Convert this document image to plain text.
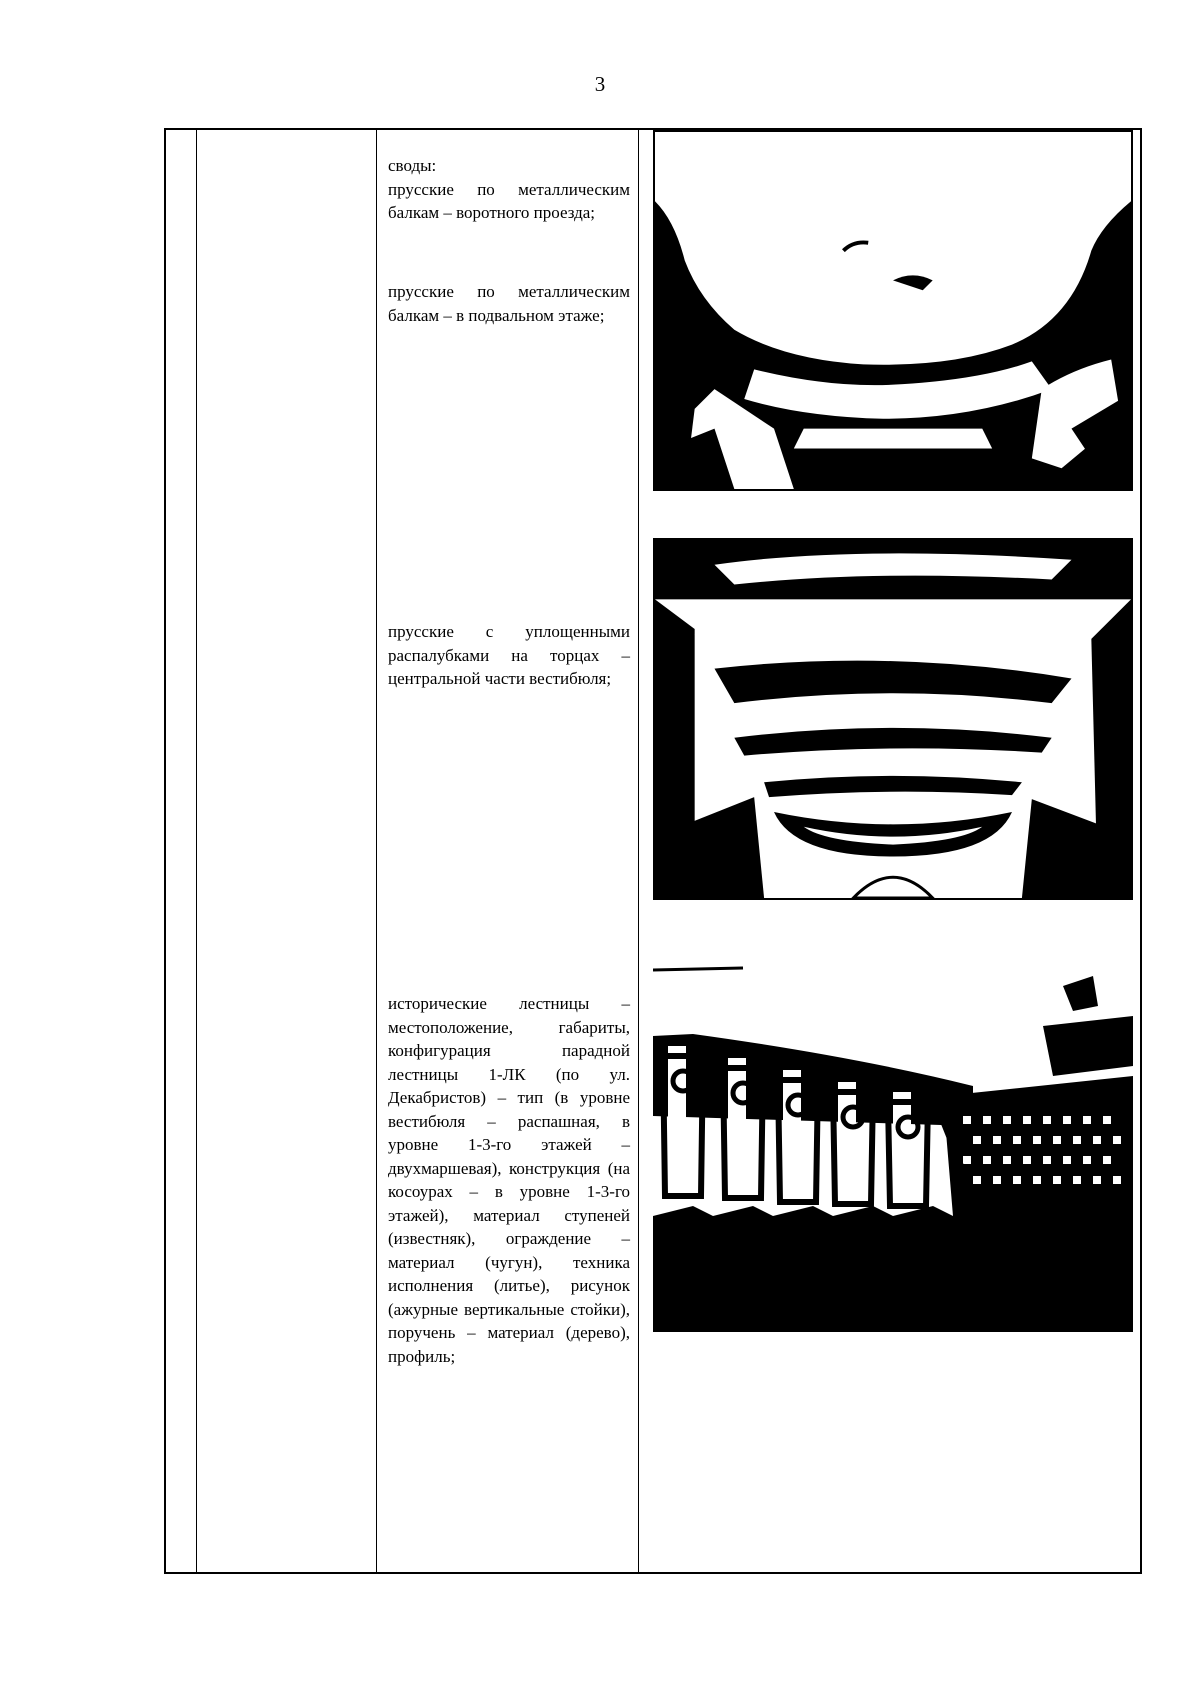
3
своды:
прусские по металлическим балкам – воротного проезда;
прусские по металлическим балкам – в подвальном этаже;
прусские с уплощенными распалубками на торцах – центральной части вестибюля;
исторические лестницы – местоположение, габариты, конфигурация парадной лестницы 1-ЛК (по ул. Декабристов) – тип (в уровне вестибюля – распашная, в уровне 1-3-го этажей – двухмаршевая), конструкция (на косоурах – в уровне 1-3-го этажей), материал ступеней (известняк), ограждение – материал (чугун), техника исполнения (литье), рисунок (ажурные вертикальные стойки), поручень – материал (дерево), профиль;
